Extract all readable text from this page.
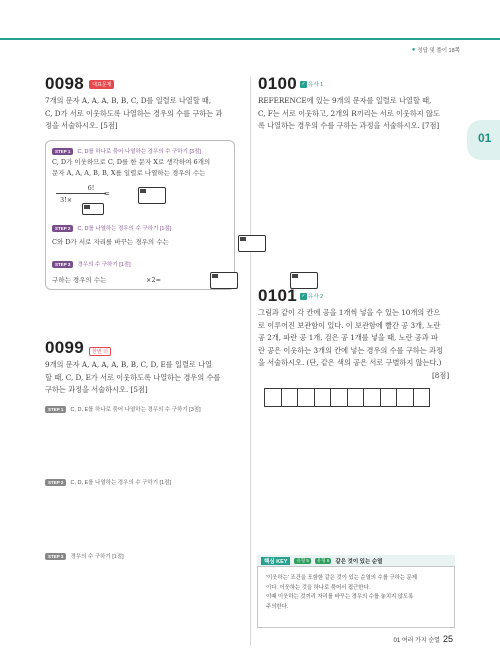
● 정답 및 풀이 18쪽
01
0098 대표문제
7개의 문자 A, A, A, B, B, C, D를 일렬로 나열할 때,
C, D가 서로 이웃하도록 나열하는 경우의 수를 구하는 과
정을 서술하시오. [5점]
STEP 1	C, D를 하나로 묶어 나열하는 경우의 수 구하기 [3점]
C, D가 이웃하므로 C, D를 한 문자 X로 생각하여 6개의
문자 A, A, A, B, B, X를 일렬로 나열하는 경우의 수는
6!
3!×

=

STEP 2	C, D를 나열하는 경우의 수 구하기 [1점]
C와 D가 서로 자리를 바꾸는 경우의 수는

STEP 3	경우의 수 구하기 [1점]
구하는 경우의 수는
	×2=
0099 한번 더
9개의 문자 A, A, A, A, B, B, C, D, E를 일렬로 나열
할 때, C, D, E가 서로 이웃하도록 나열하는 경우의 수를
구하는 과정을 서술하시오. [5점]
STEP 1	C, D, E를 하나로 묶어 나열하는 경우의 수 구하기 [3점]
STEP 2	C, D, E를 나열하는 경우의 수 구하기 [1점]
STEP 3	경우의 수 구하기 [1점]
0100 ✓ 유사 1
REFERENCE에 있는 9개의 문자를 일렬로 나열할 때,
C, F는 서로 이웃하고, 2개의 R끼리는 서로 이웃하지 않도
록 나열하는 경우의 수를 구하는 과정을 서술하시오. [7점]
0101 ✓ 유사 2
그림과 같이 각 칸에 공을 1개씩 넣을 수 있는 10개의 칸으
로 이루어진 보관함이 있다. 이 보관함에 빨간 공 3개, 노란
공 2개, 파란 공 1개, 검은 공 1개를 넣을 때, 노란 공과 파
란 공은 이웃하는 3개의 칸에 넣는 경우의 수를 구하는 과정
을 서술하시오. (단, 같은 색의 공은 서로 구별하지 않는다.)
[8점]
핵심 KEY	유형 5	유형 6	같은 것이 있는 순열
'이웃하는' 조건을 포함한 같은 것이 있는 순열의 수를 구하는 문제
이다. 이웃하는 것을 하나로 묶어서 접근한다.
이때 이웃하는 것끼리 자리를 바꾸는 경우의 수를 놓치지 않도록
주의한다.
01 여러 가지 순열 25
